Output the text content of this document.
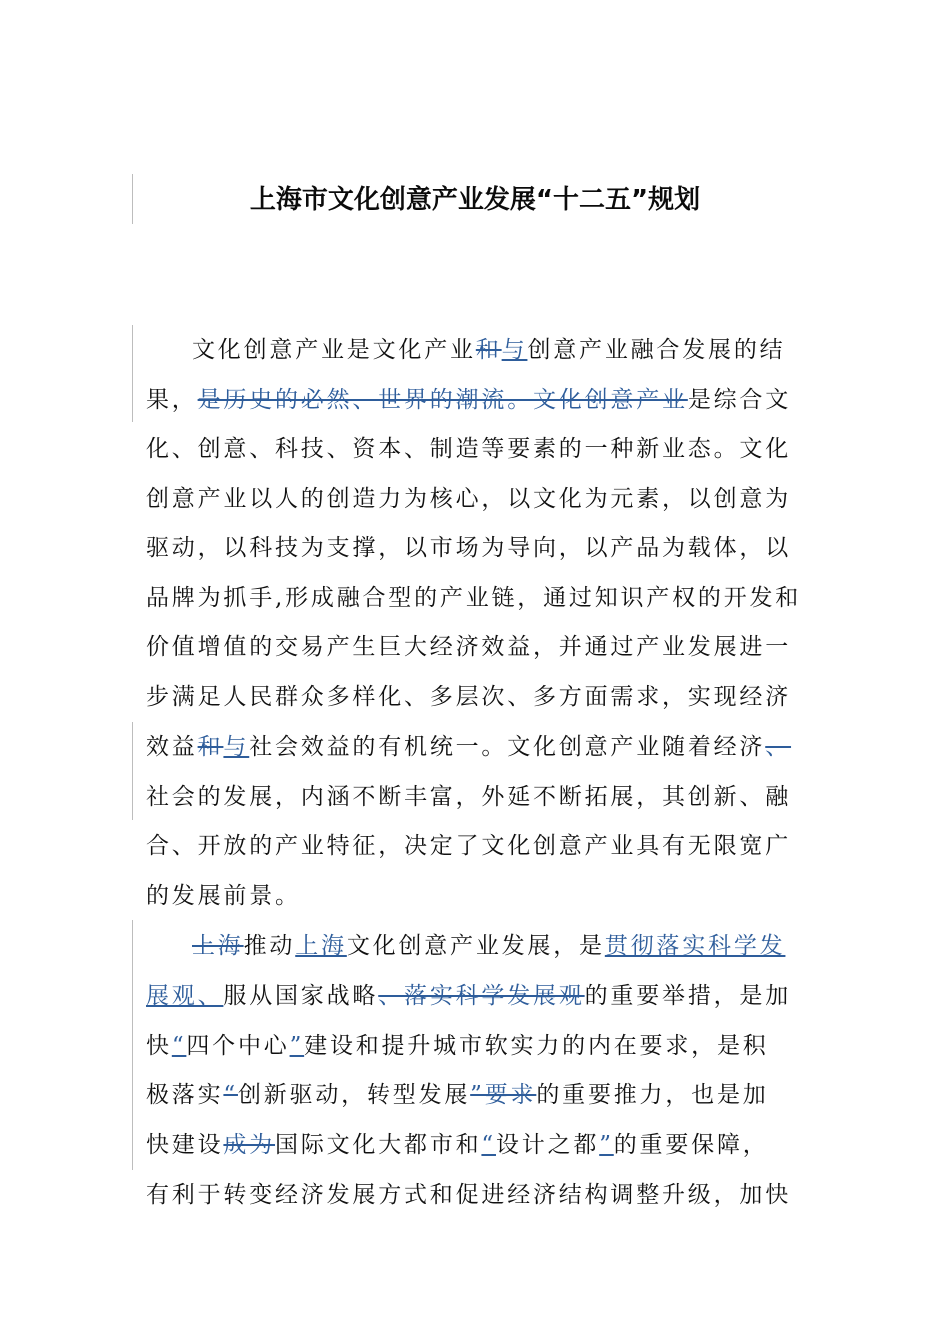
上海市文化创意产业发展“十二五”规划
文化创意产业是文化产业和与创意产业融合发展的结
果，是历史的必然、世界的潮流。文化创意产业是综合文
化、创意、科技、资本、制造等要素的一种新业态。文化
创意产业以人的创造力为核心，以文化为元素，以创意为
驱动，以科技为支撑，以市场为导向，以产品为载体，以
品牌为抓手,形成融合型的产业链，通过知识产权的开发和
价值增值的交易产生巨大经济效益，并通过产业发展进一
步满足人民群众多样化、多层次、多方面需求，实现经济
效益和与社会效益的有机统一。文化创意产业随着经济、
社会的发展，内涵不断丰富，外延不断拓展，其创新、融
合、开放的产业特征，决定了文化创意产业具有无限宽广
的发展前景。
上海推动上海文化创意产业发展，是贯彻落实科学发
展观、服从国家战略、落实科学发展观的重要举措，是加
快“四个中心”建设和提升城市软实力的内在要求，是积
极落实“创新驱动，转型发展”要求的重要推力，也是加
快建设成为国际文化大都市和“设计之都”的重要保障，
有利于转变经济发展方式和促进经济结构调整升级，加快
